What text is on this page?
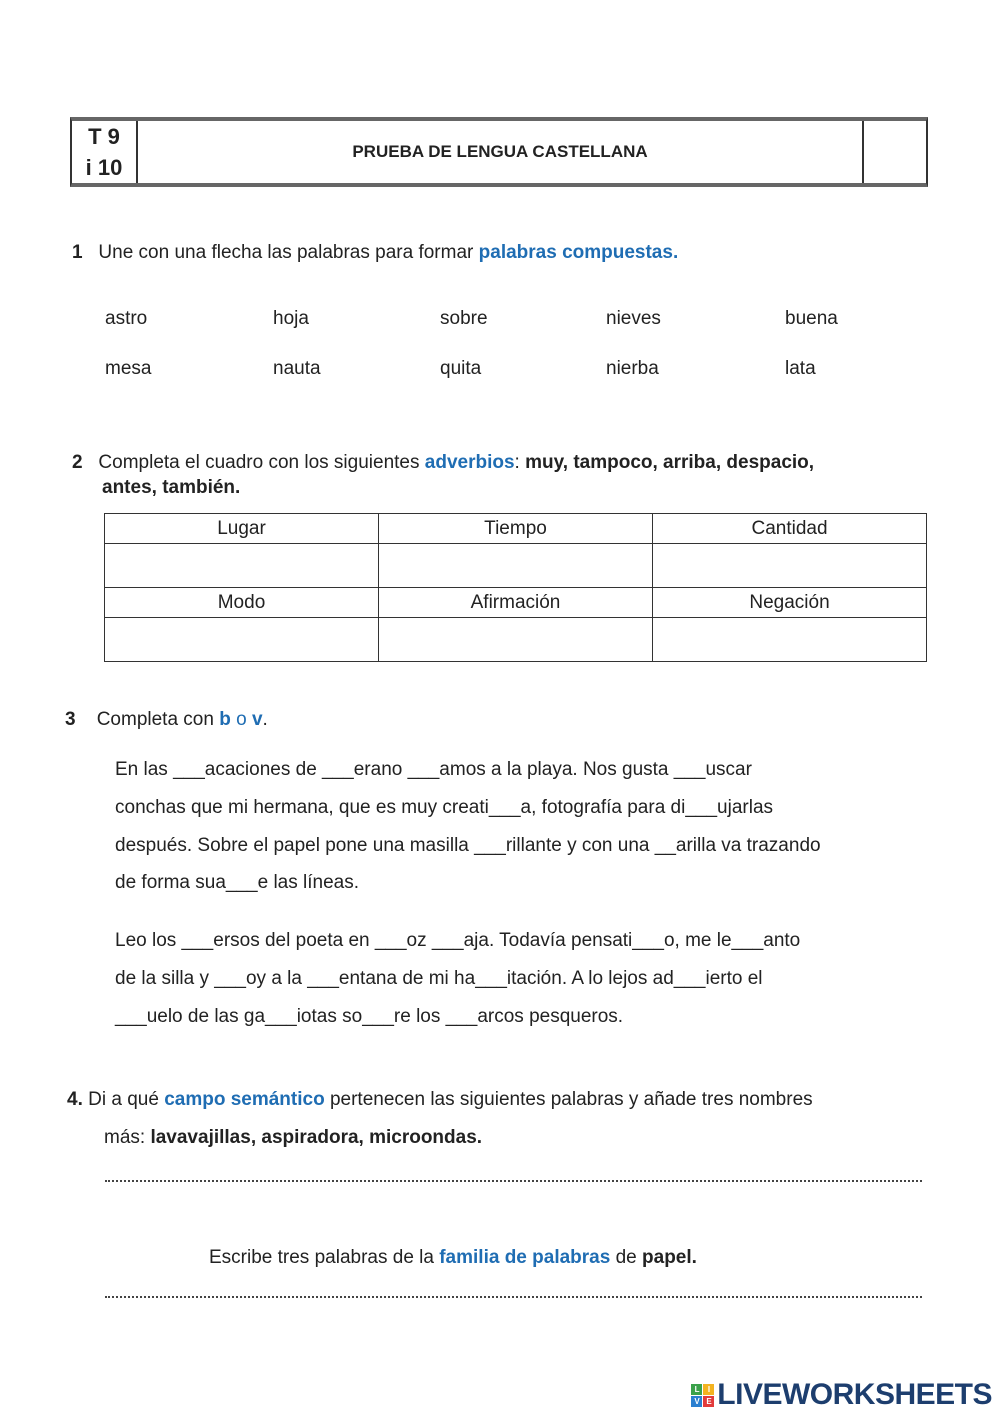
T 9
i 10
PRUEBA DE LENGUA CASTELLANA
1 Une con una flecha las palabras para formar palabras compuestas.
astro	hoja	sobre	nieves	buena
mesa	nauta	quita	nierba	lata
2 Completa el cuadro con los siguientes adverbios: muy, tampoco, arriba, despacio,
antes, también.
Lugar	Tiempo	Cantidad

Modo	Afirmación	Negación

3 Completa con b o v.
En las ___acaciones de ___erano ___amos a la playa. Nos gusta ___uscar
conchas que mi hermana, que es muy creati___a, fotografía para di___ujarlas
después. Sobre el papel pone una masilla ___rillante y con una __arilla va trazando
de forma sua___e las líneas.
Leo los ___ersos del poeta en ___oz ___aja. Todavía pensati___o, me le___anto
de la silla y ___oy a la ___entana de mi ha___itación. A lo lejos ad___ierto el
___uelo de las ga___iotas so___re los ___arcos pesqueros.
4. Di a qué campo semántico pertenecen las siguientes palabras y añade tres nombres
más: lavavajillas, aspiradora, microondas.
Escribe tres palabras de la familia de palabras de papel.
L	I
V E LIVEWORKSHEETS
